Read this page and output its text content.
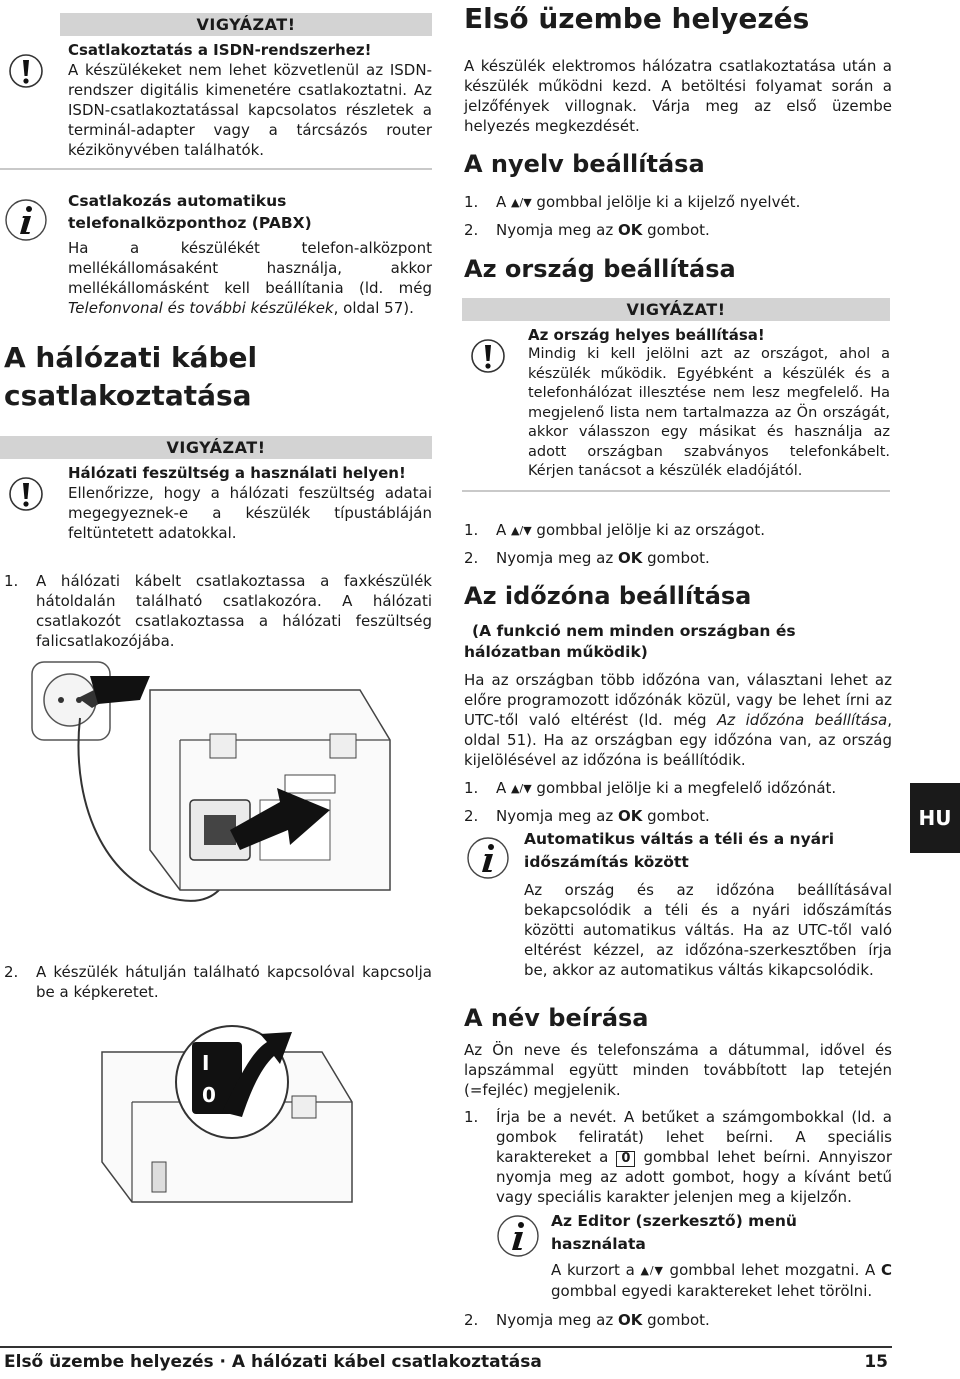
VIGYÁZAT!

Csatlakoztatás a ISDN-rendszerhez!

A készülékeket nem lehet közvetlenül az ISDN-rendszer digitális kimenetére csatlakoztatni. Az ISDN-csatlakoztatással kapcsolatos részletek a terminál-adapter vagy a tárcsázós router kézikönyvében találhatók.

Csatlakozás automatikus telefonalközponthoz (PABX)

Ha a készülékét telefon-alközpont mellékállomásaként használja, akkor mellékállomásként kell beállítania (ld. még Telefonvonal és további készülékek, oldal 57).

A hálózati kábel csatlakoztatása
VIGYÁZAT!

Hálózati feszültség a használati helyen!

Ellenőrizze, hogy a hálózati feszültség adatai megegyeznek-e a készülék típustábláján feltüntetett adatokkal.

1.	A hálózati kábelt csatlakoztassa a faxkészülék hátoldalán található csatlakozóra. A hálózati csatlakozót csatlakoztassa a hálózati feszültség falicsatlakozójába.
2.	A készülék hátulján található kapcsolóval kapcsolja be a képkeretet.
I
0
Első üzembe helyezés

A készülék elektromos hálózatra csatlakoztatása után a készülék működni kezd. A betöltési folyamat során a jelzőfények villognak. Várja meg az első üzembe helyezés megkezdését.

A nyelv beállítása
1.	A ▲/▼ gombbal jelölje ki a kijelző nyelvét.
2.	Nyomja meg az OK gombot.
Az ország beállítása
VIGYÁZAT!

Az ország helyes beállítása!

Mindig ki kell jelölni azt az országot, ahol a készülék működik. Egyébként a készülék és a telefonhálózat illesztése nem lesz megfelelő. Ha megjelenő lista nem tartalmazza az Ön országát, akkor válasszon egy másikat és használja az adott országban szabványos telefonkábelt. Kérjen tanácsot a készülék eladójától.

1.	A ▲/▼ gombbal jelölje ki az országot.
2.	Nyomja meg az OK gombot.
Az időzóna beállítása

(A funkció nem minden országban és hálózatban működik)

Ha az országban több időzóna van, választani lehet az előre programozott időzónák közül, vagy be lehet írni az UTC-től való eltérést (ld. még Az időzóna beállítása, oldal 51). Ha az országban egy időzóna van, az ország kijelölésével az időzóna is beállítódik.

1.	A ▲/▼ gombbal jelölje ki a megfelelő időzónát.
2.	Nyomja meg az OK gombot.

Automatikus váltás a téli és a nyári időszámítás között

Az ország és az időzóna beállításával bekapcsolódik a téli és a nyári időszámítás közötti automatikus váltás. Ha az UTC-től való eltérést kézzel, az időzóna-szerkesztőben írja be, akkor az automatikus váltás kikapcsolódik.

A név beírása

Az Ön neve és telefonszáma a dátummal, idővel és lapszámmal együtt minden továbbított lap tetején (=fejléc) megjelenik.

1.	Írja be a nevét. A betűket a számgombokkal (ld. a gombok feliratát) lehet beírni. A speciális karaktereket a 0 gombbal lehet beírni. Annyiszor nyomja meg az adott gombot, hogy a kívánt betű vagy speciális karakter jelenjen meg a kijelzőn.

Az Editor (szerkesztő) menü használata

A kurzort a ▲/▼ gombbal lehet mozgatni. A C gombbal egyedi karaktereket lehet törölni.

2.	Nyomja meg az OK gombot.
HU
Első üzembe helyezés · A hálózati kábel csatlakoztatása	15
